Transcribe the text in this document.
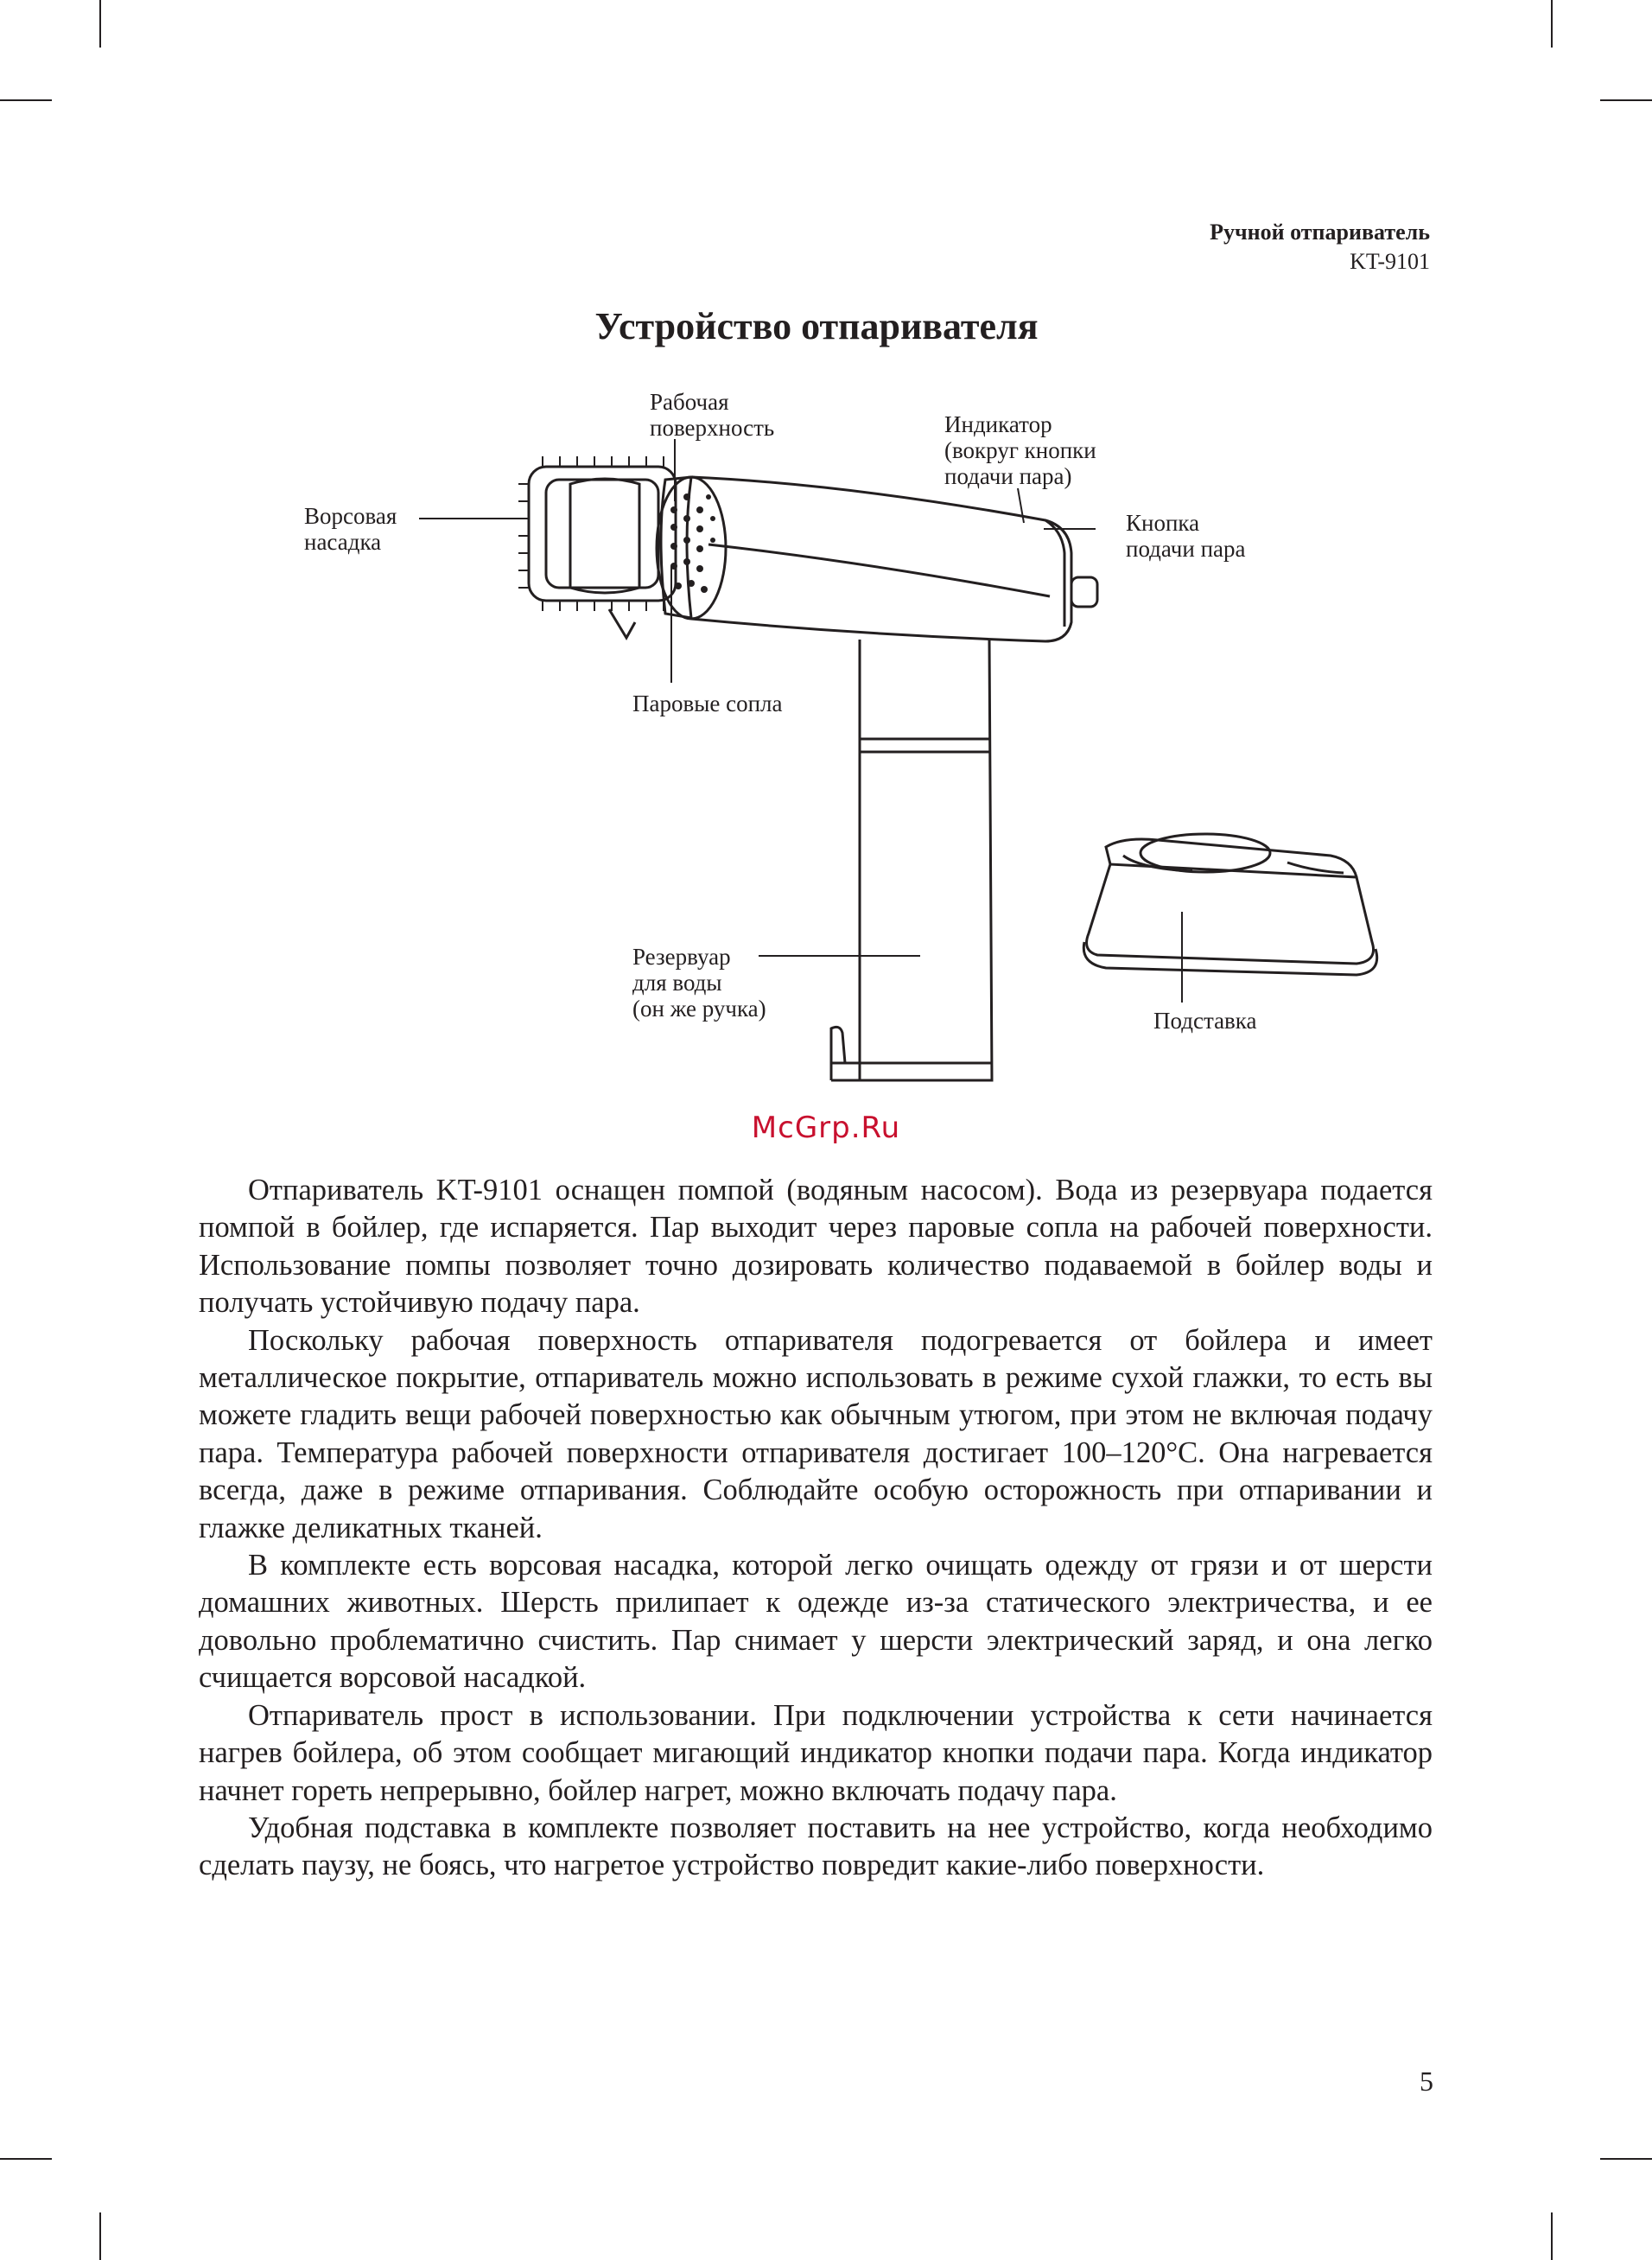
Ручной отпариватель
KT-9101
Устройство отпаривателя
Рабочая
поверхность	Индикатор
(вокруг кнопки
подачи пара)
Ворсовая
насадка
Кнопка
подачи пара
Паровые сопла
Резервуар
для воды
(он же ручка)	Подставка
McGrp.Ru

Отпариватель KT-9101 оснащен помпой (водяным насосом). Вода из резервуара подается помпой в бойлер, где испаряется. Пар выходит через паровые сопла на рабочей поверхности. Использование помпы позволяет точно дозировать количество подаваемой в бойлер воды и получать устойчивую подачу пара.

Поскольку рабочая поверхность отпаривателя подогревается от бойлера и имеет металлическое покрытие, отпариватель можно использовать в режиме сухой глажки, то есть вы можете гладить вещи рабочей поверхностью как обычным утюгом, при этом не включая подачу пара. Температура рабочей поверхности отпаривателя достигает 100–120°C. Она нагревается всегда, даже в режиме отпаривания. Соблюдайте особую осторожность при отпаривании и глажке деликатных тканей.

В комплекте есть ворсовая насадка, которой легко очищать одежду от грязи и от шерсти домашних животных. Шерсть прилипает к одежде из-за статического электричества, и ее довольно проблематично счистить. Пар снимает у шерсти электрический заряд, и она легко счищается ворсовой насадкой.

Отпариватель прост в использовании. При подключении устройства к сети начинается нагрев бойлера, об этом сообщает мигающий индикатор кнопки подачи пара. Когда индикатор начнет гореть непрерывно, бойлер нагрет, можно включать подачу пара.

Удобная подставка в комплекте позволяет поставить на нее устройство, когда необходимо сделать паузу, не боясь, что нагретое устройство повредит какие-либо поверхности.

5
